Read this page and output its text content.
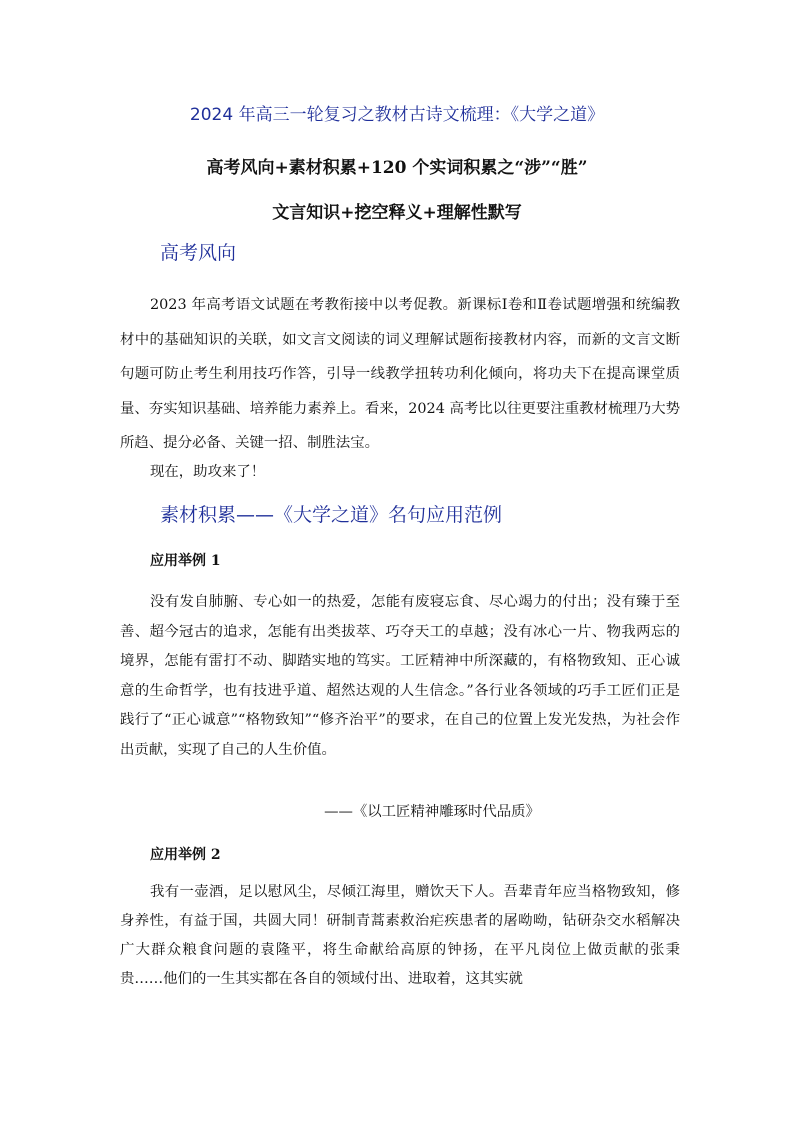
2024 年高三一轮复习之教材古诗文梳理：《大学之道》
高考风向+素材积累+120 个实词积累之“涉”“胜”
文言知识+挖空释义+理解性默写
高考风向
2023 年高考语文试题在考教衔接中以考促教。新课标Ⅰ卷和Ⅱ卷试题增强和统编教材中的基础知识的关联，如文言文阅读的词义理解试题衔接教材内容，而新的文言文断句题可防止考生利用技巧作答，引导一线教学扭转功利化倾向，将功夫下在提高课堂质量、夯实知识基础、培养能力素养上。看来，2024 高考比以往更要注重教材梳理乃大势所趋、提分必备、关键一招、制胜法宝。
现在，助攻来了！
素材积累——《大学之道》名句应用范例
应用举例 1
没有发自肺腑、专心如一的热爱，怎能有废寝忘食、尽心竭力的付出；没有臻于至善、超今冠古的追求，怎能有出类拔萃、巧夺天工的卓越；没有冰心一片、物我两忘的境界，怎能有雷打不动、脚踏实地的笃实。工匠精神中所深藏的，有格物致知、正心诚意的生命哲学，也有技进乎道、超然达观的人生信念。”各行业各领域的巧手工匠们正是践行了“正心诚意”“格物致知”“修齐治平”的要求，在自己的位置上发光发热，为社会作出贡献，实现了自己的人生价值。
——《以工匠精神雕琢时代品质》
应用举例 2
我有一壶酒，足以慰风尘，尽倾江海里，赠饮天下人。吾辈青年应当格物致知，修身养性，有益于国，共圆大同！研制青蒿素救治疟疾患者的屠呦呦，钻研杂交水稻解决广大群众粮食问题的袁隆平，将生命献给高原的钟扬，在平凡岗位上做贡献的张秉贵……他们的一生其实都在各自的领域付出、进取着，这其实就
